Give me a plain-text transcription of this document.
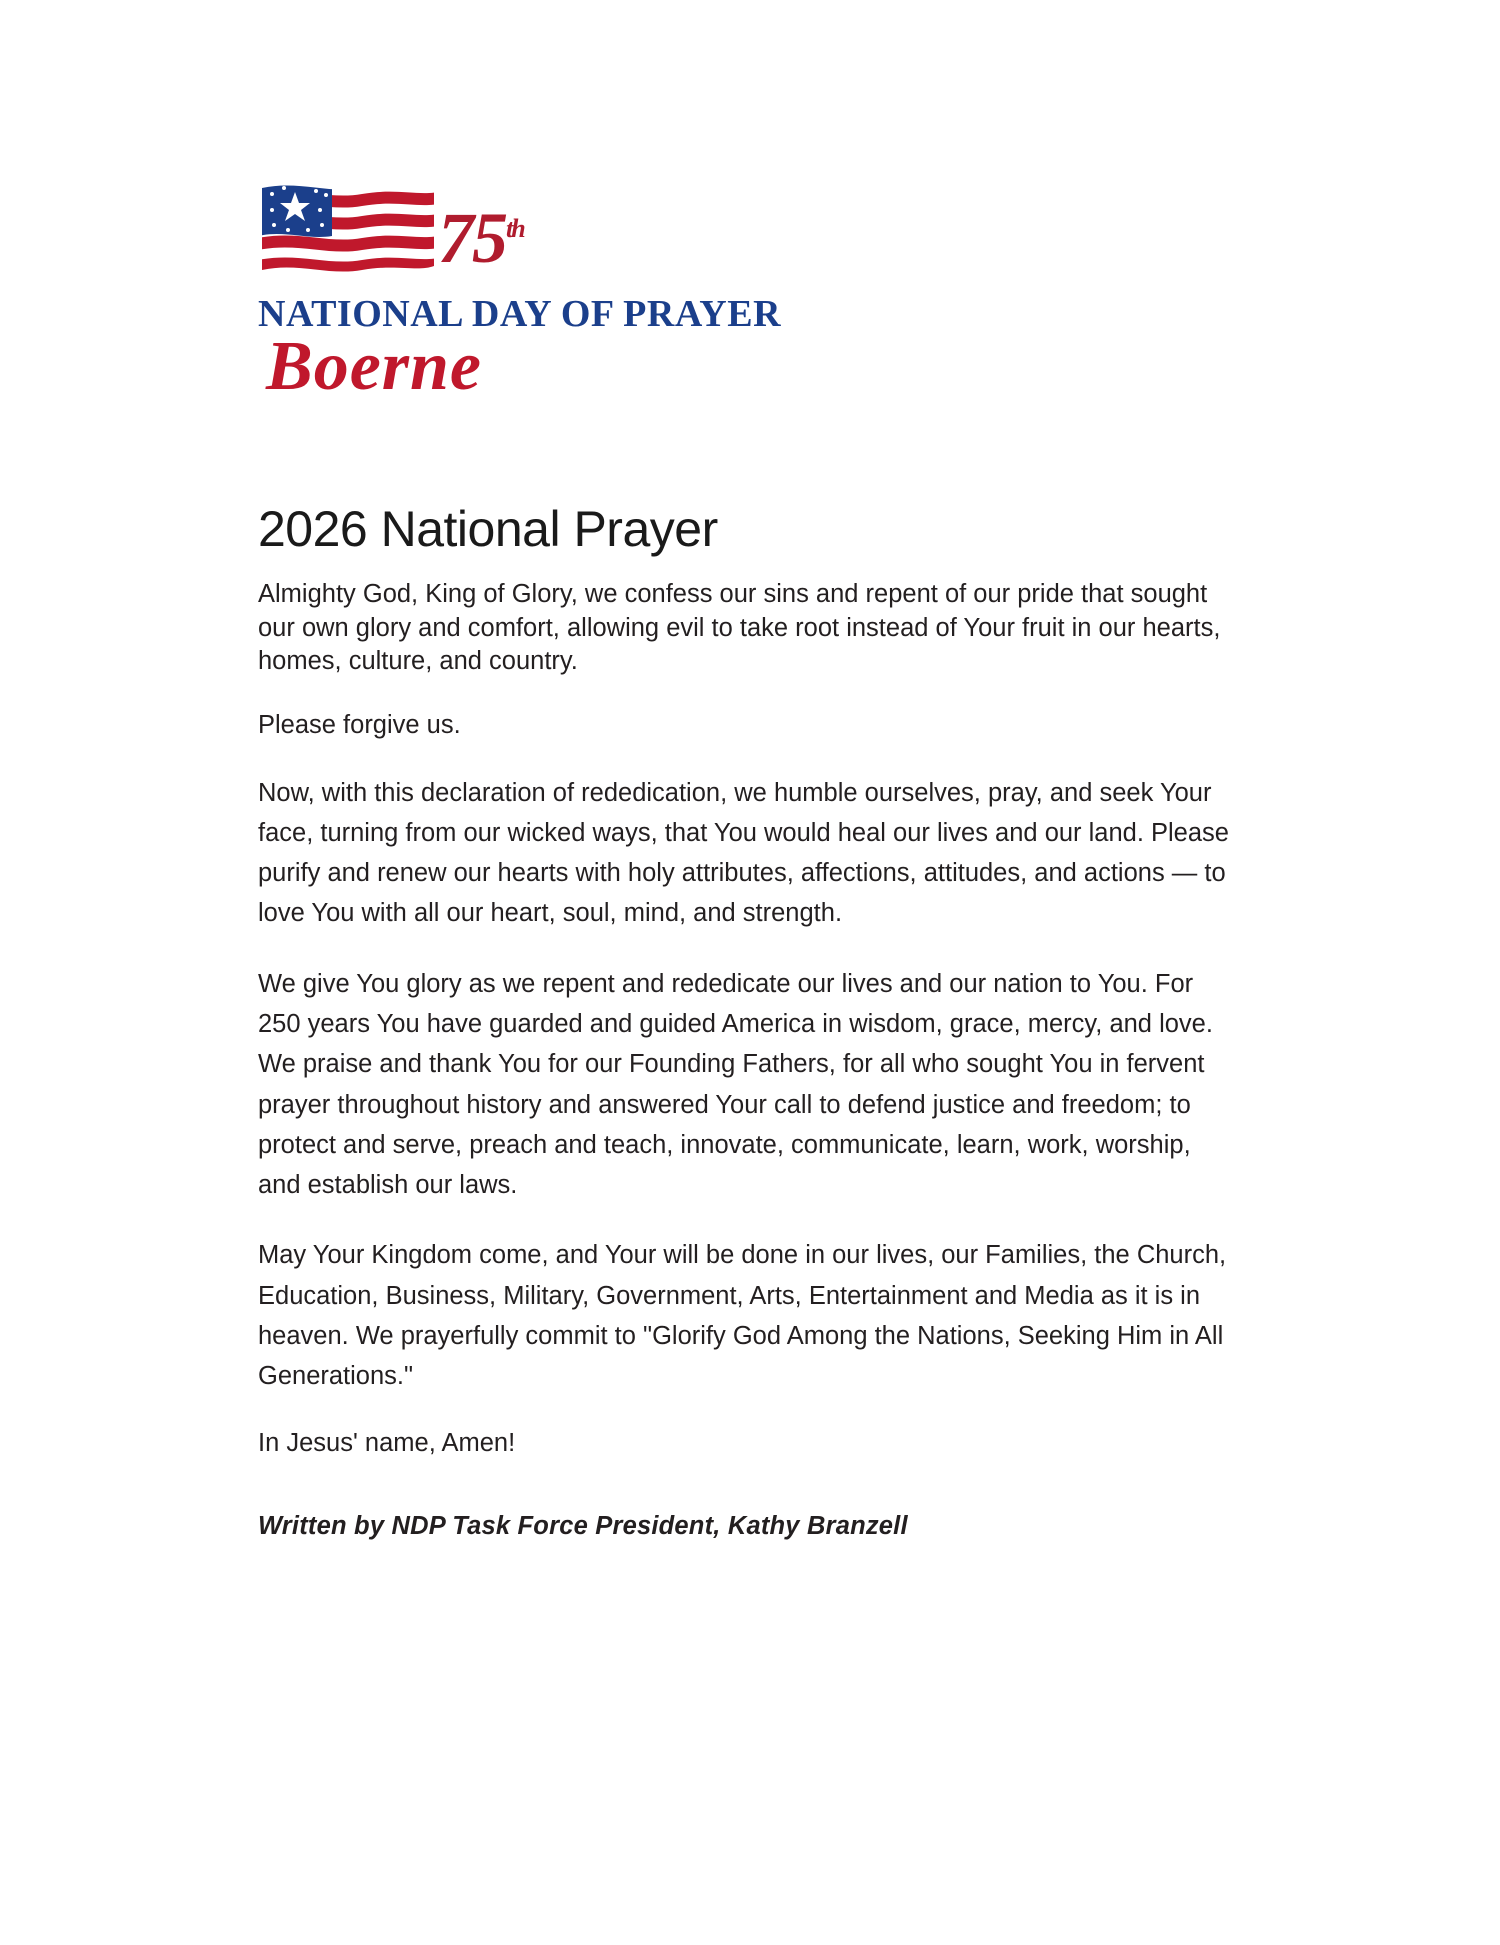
75th
NATIONAL DAY OF PRAYER
Boerne
2026 National Prayer

Almighty God, King of Glory, we confess our sins and repent of our pride that sought our own glory and comfort, allowing evil to take root instead of Your fruit in our hearts, homes, culture, and country.

Please forgive us.

Now, with this declaration of rededication, we humble ourselves, pray, and seek Your face, turning from our wicked ways, that You would heal our lives and our land. Please purify and renew our hearts with holy attributes, affections, attitudes, and actions — to love You with all our heart, soul, mind, and strength.

We give You glory as we repent and rededicate our lives and our nation to You. For 250 years You have guarded and guided America in wisdom, grace, mercy, and love. We praise and thank You for our Founding Fathers, for all who sought You in fervent prayer throughout history and answered Your call to defend justice and freedom; to protect and serve, preach and teach, innovate, communicate, learn, work, worship, and establish our laws.

May Your Kingdom come, and Your will be done in our lives, our Families, the Church, Education, Business, Military, Government, Arts, Entertainment and Media as it is in heaven. We prayerfully commit to "Glorify God Among the Nations, Seeking Him in All Generations."

In Jesus' name, Amen!

Written by NDP Task Force President, Kathy Branzell
